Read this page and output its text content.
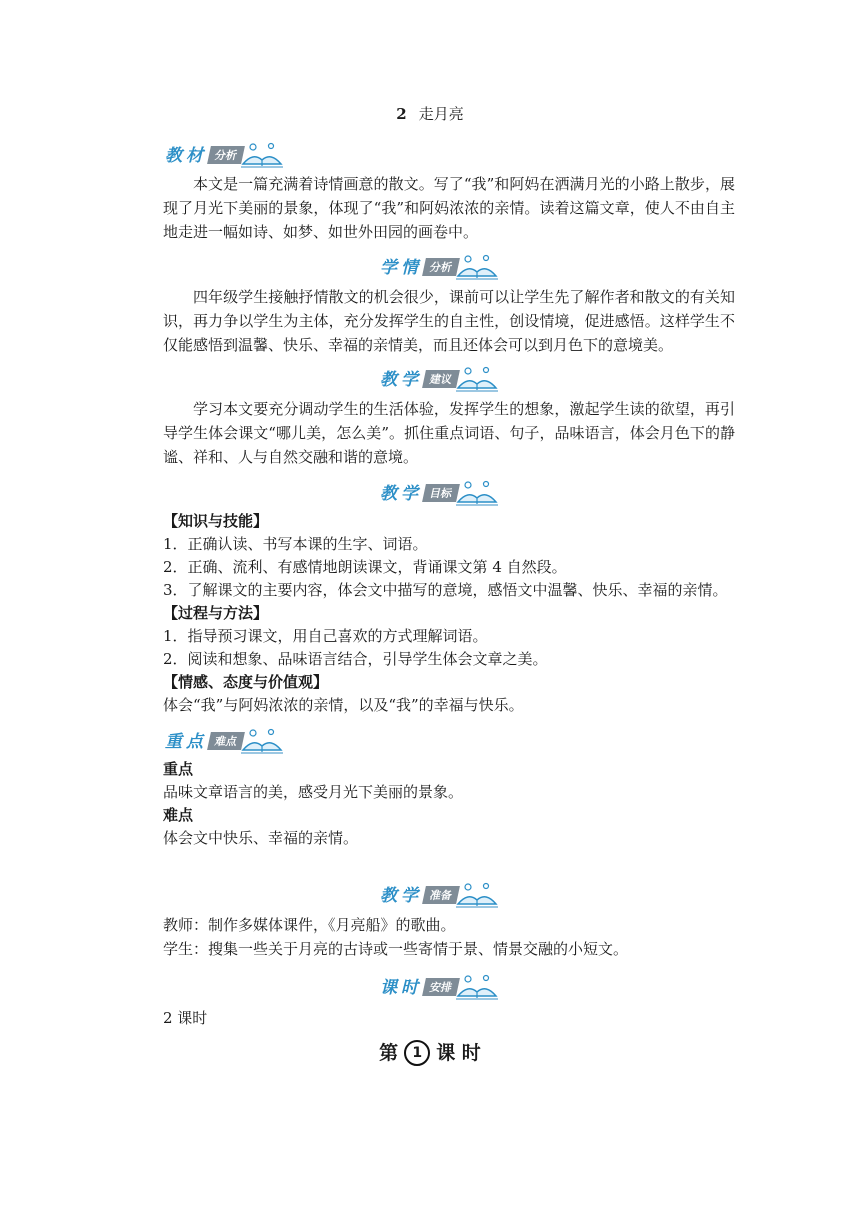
2 走月亮
教材 分析

本文是一篇充满着诗情画意的散文。写了“我”和阿妈在洒满月光的小路上散步，展现了月光下美丽的景象，体现了“我”和阿妈浓浓的亲情。读着这篇文章，使人不由自主地走进一幅如诗、如梦、如世外田园的画卷中。

学情 分析

四年级学生接触抒情散文的机会很少，课前可以让学生先了解作者和散文的有关知识，再力争以学生为主体，充分发挥学生的自主性，创设情境，促进感悟。这样学生不仅能感悟到温馨、快乐、幸福的亲情美，而且还体会可以到月色下的意境美。

教学 建议

学习本文要充分调动学生的生活体验，发挥学生的想象，激起学生读的欲望，再引导学生体会课文“哪儿美，怎么美”。抓住重点词语、句子，品味语言，体会月色下的静谧、祥和、人与自然交融和谐的意境。

教学 目标
【知识与技能】
1．正确认读、书写本课的生字、词语。
2．正确、流利、有感情地朗读课文，背诵课文第 4 自然段。
3．了解课文的主要内容，体会文中描写的意境，感悟文中温馨、快乐、幸福的亲情。
【过程与方法】
1．指导预习课文，用自己喜欢的方式理解词语。
2．阅读和想象、品味语言结合，引导学生体会文章之美。
【情感、态度与价值观】
体会“我”与阿妈浓浓的亲情，以及“我”的幸福与快乐。
重点 难点
重点
品味文章语言的美，感受月光下美丽的景象。
难点
体会文中快乐、幸福的亲情。
教学 准备
教师：制作多媒体课件，《月亮船》的歌曲。
学生：搜集一些关于月亮的古诗或一些寄情于景、情景交融的小短文。
课时 安排
2 课时
第 1 课 时
